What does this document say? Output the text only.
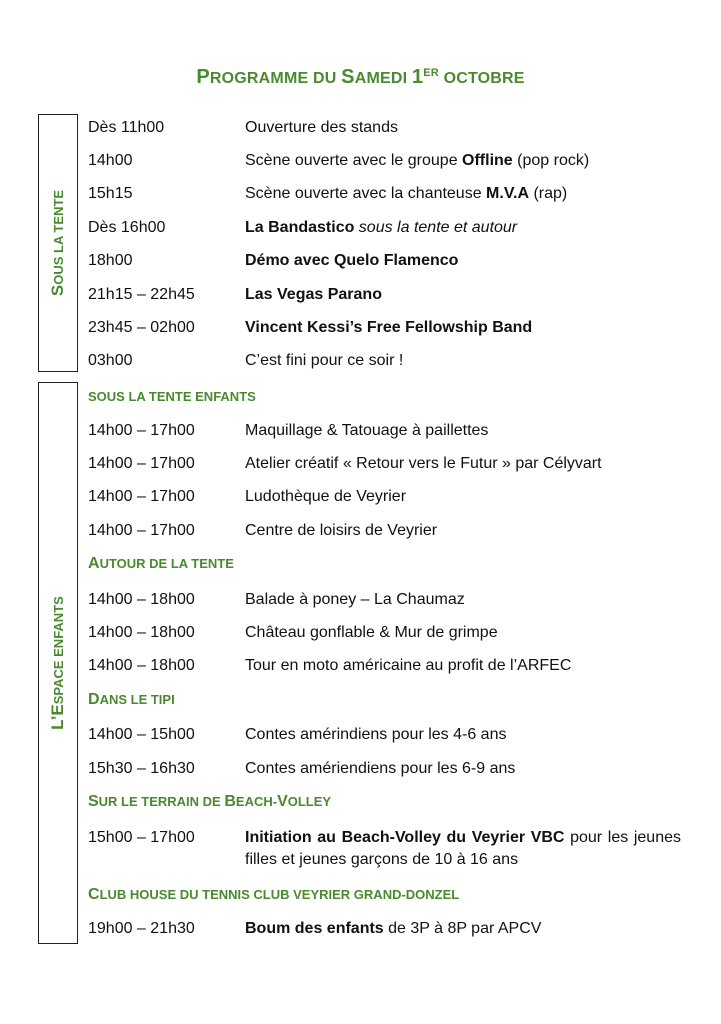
PROGRAMME DU SAMEDI 1ER OCTOBRE
SOUS LA TENTE
Dès 11h00	Ouverture des stands
14h00	Scène ouverte avec le groupe Offline (pop rock)
15h15	Scène ouverte avec la chanteuse M.V.A (rap)
Dès 16h00	La Bandastico sous la tente et autour
18h00	Démo avec Quelo Flamenco
21h15 – 22h45	Las Vegas Parano
23h45 – 02h00	Vincent Kessi’s Free Fellowship Band
03h00	C’est fini pour ce soir !
L’ESPACE ENFANTS
SOUS LA TENTE ENFANTS
14h00 – 17h00	Maquillage & Tatouage à paillettes
14h00 – 17h00	Atelier créatif « Retour vers le Futur » par Célyvart
14h00 – 17h00	Ludothèque de Veyrier
14h00 – 17h00	Centre de loisirs de Veyrier
AUTOUR DE LA TENTE
14h00 – 18h00	Balade à poney – La Chaumaz
14h00 – 18h00	Château gonflable & Mur de grimpe
14h00 – 18h00	Tour en moto américaine au profit de l’ARFEC
DANS LE TIPI
14h00 – 15h00	Contes amérindiens pour les 4-6 ans
15h30 – 16h30	Contes amériendiens pour les 6-9 ans
SUR LE TERRAIN DE BEACH-VOLLEY
15h00 – 17h00	Initiation au Beach-Volley du Veyrier VBC pour les jeunes filles et jeunes garçons de 10 à 16 ans
CLUB HOUSE DU TENNIS CLUB VEYRIER GRAND-DONZEL
19h00 – 21h30	Boum des enfants de 3P à 8P par APCV
